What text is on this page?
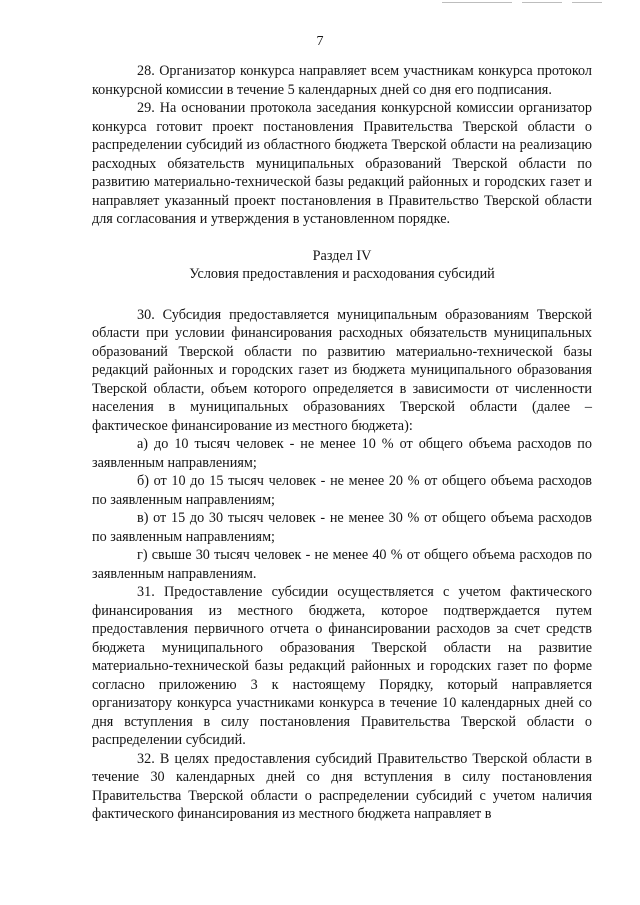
7

28. Организатор конкурса направляет всем участникам конкурса протокол конкурсной комиссии в течение 5 календарных дней со дня его подписания.

29. На основании протокола заседания конкурсной комиссии организатор конкурса готовит проект постановления Правительства Тверской области о распределении субсидий из областного бюджета Тверской области на реализацию расходных обязательств муниципальных образований Тверской области по развитию материально-технической базы редакций районных и городских газет и направляет указанный проект постановления в Правительство Тверской области для согласования и утверждения в установленном порядке.

Раздел IV

Условия предоставления и расходования субсидий

30. Субсидия предоставляется муниципальным образованиям Тверской области при условии финансирования расходных обязательств муниципальных образований Тверской области по развитию материально-технической базы редакций районных и городских газет из бюджета муниципального образования Тверской области, объем которого определяется в зависимости от численности населения в муниципальных образованиях Тверской области (далее – фактическое финансирование из местного бюджета):

а) до 10 тысяч человек - не менее 10 % от общего объема расходов по заявленным направлениям;

б) от 10 до 15 тысяч человек - не менее 20 % от общего объема расходов по заявленным направлениям;

в) от 15 до 30 тысяч человек - не менее 30 % от общего объема расходов по заявленным направлениям;

г) свыше 30 тысяч человек - не менее 40 % от общего объема расходов по заявленным направлениям.

31. Предоставление субсидии осуществляется с учетом фактического финансирования из местного бюджета, которое подтверждается путем предоставления первичного отчета о финансировании расходов за счет средств бюджета муниципального образования Тверской области на развитие материально-технической базы редакций районных и городских газет по форме согласно приложению 3 к настоящему Порядку, который направляется организатору конкурса участниками конкурса в течение 10 календарных дней со дня вступления в силу постановления Правительства Тверской области о распределении субсидий.

32. В целях предоставления субсидий Правительство Тверской области в течение 30 календарных дней со дня вступления в силу постановления Правительства Тверской области о распределении субсидий с учетом наличия фактического финансирования из местного бюджета направляет в
